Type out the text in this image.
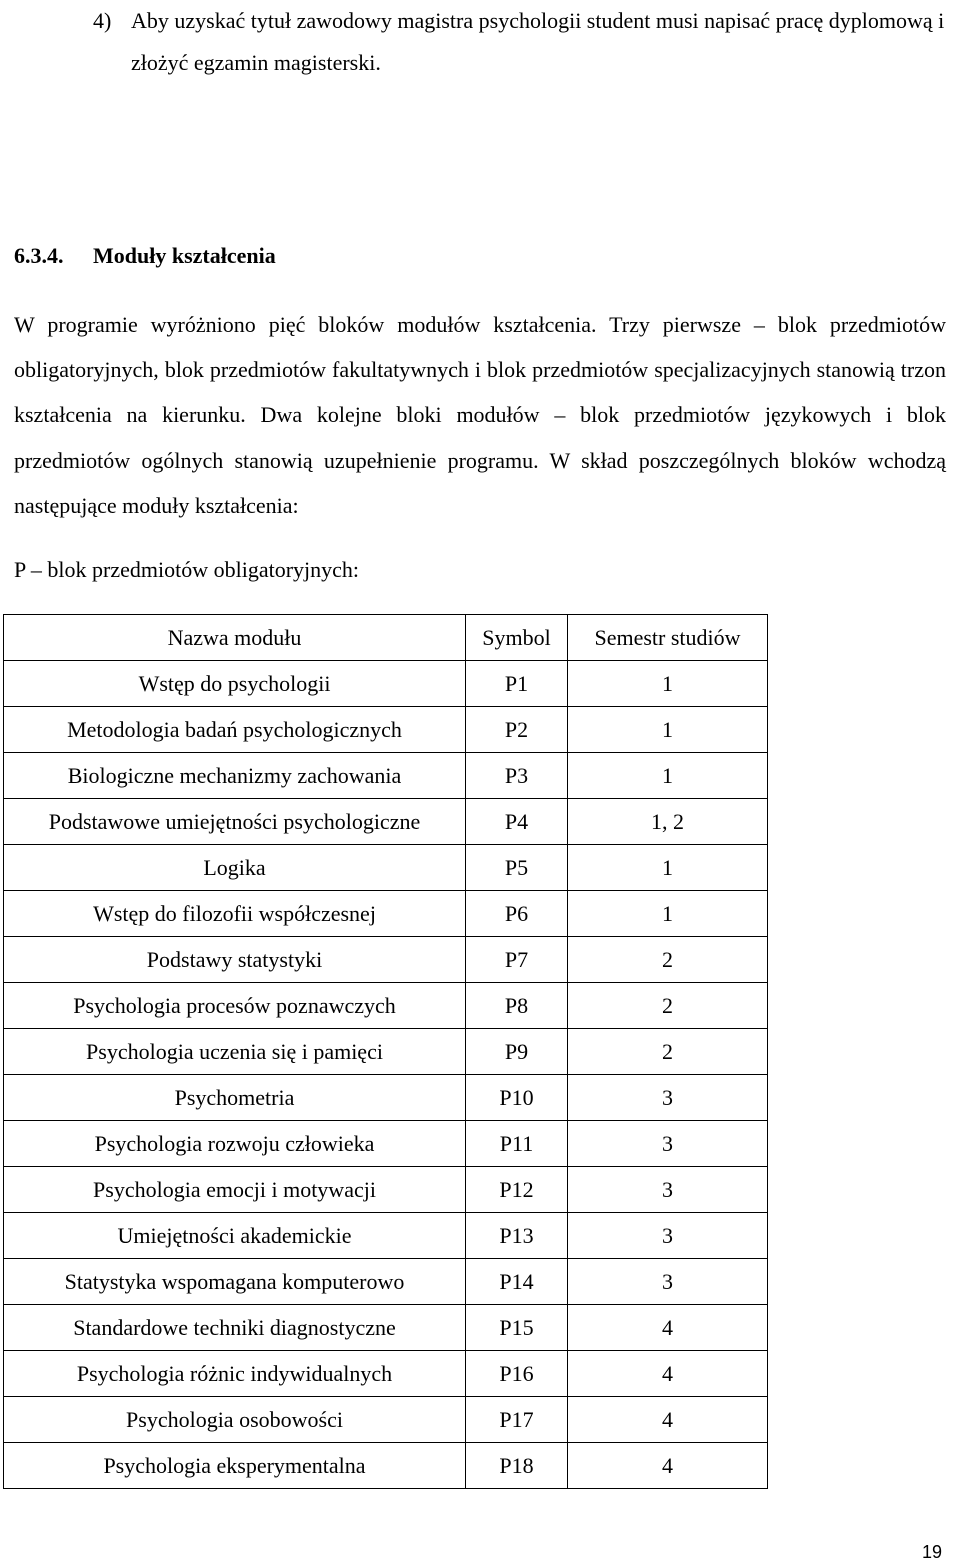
4) Aby uzyskać tytuł zawodowy magistra psychologii student musi napisać pracę dyplomową i złożyć egzamin magisterski.
6.3.4. Moduły kształcenia
W programie wyróżniono pięć bloków modułów kształcenia. Trzy pierwsze – blok przedmiotów obligatoryjnych, blok przedmiotów fakultatywnych i blok przedmiotów specjalizacyjnych stanowią trzon kształcenia na kierunku. Dwa kolejne bloki modułów – blok przedmiotów językowych i blok przedmiotów ogólnych stanowią uzupełnienie programu. W skład poszczególnych bloków wchodzą następujące moduły kształcenia:
P – blok przedmiotów obligatoryjnych:
Nazwa modułu	Symbol	Semestr studiów
Wstęp do psychologii	P1	1
Metodologia badań psychologicznych	P2	1
Biologiczne mechanizmy zachowania	P3	1
Podstawowe umiejętności psychologiczne	P4	1, 2
Logika	P5	1
Wstęp do filozofii współczesnej	P6	1
Podstawy statystyki	P7	2
Psychologia procesów poznawczych	P8	2
Psychologia uczenia się i pamięci	P9	2
Psychometria	P10	3
Psychologia rozwoju człowieka	P11	3
Psychologia emocji i motywacji	P12	3
Umiejętności akademickie	P13	3
Statystyka wspomagana komputerowo	P14	3
Standardowe techniki diagnostyczne	P15	4
Psychologia różnic indywidualnych	P16	4
Psychologia osobowości	P17	4
Psychologia eksperymentalna	P18	4
19
